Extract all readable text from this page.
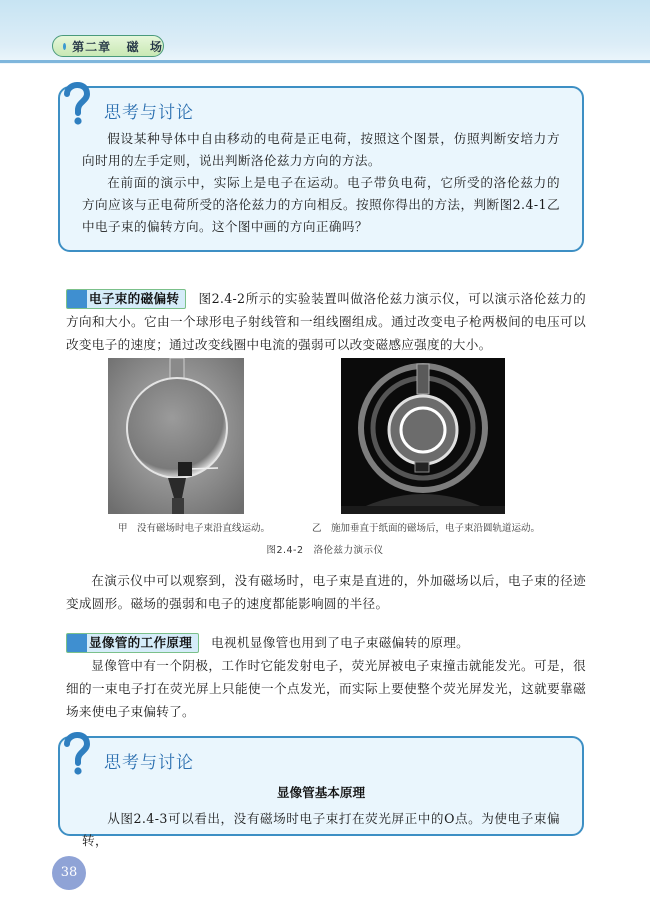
第二章   磁  场
思考与讨论

假设某种导体中自由移动的电荷是正电荷，按照这个图景，仿照判断安培力方向时用的左手定则，说出判断洛伦兹力方向的方法。

在前面的演示中，实际上是电子在运动。电子带负电荷，它所受的洛伦兹力的方向应该与正电荷所受的洛伦兹力的方向相反。按照你得出的方法，判断图2.4-1乙中电子束的偏转方向。这个图中画的方向正确吗？

电子束的磁偏转 图2.4-2所示的实验装置叫做洛伦兹力演示仪，可以演示洛伦兹力的方向和大小。它由一个球形电子射线管和一组线圈组成。通过改变电子枪两极间的电压可以改变电子的速度；通过改变线圈中电流的强弱可以改变磁感应强度的大小。

甲　没有磁场时电子束沿直线运动。	乙　施加垂直于纸面的磁场后，电子束沿圆轨道运动。
图2.4-2　洛伦兹力演示仪

在演示仪中可以观察到，没有磁场时，电子束是直进的，外加磁场以后，电子束的径迹变成圆形。磁场的强弱和电子的速度都能影响圆的半径。

显像管的工作原理 电视机显像管也用到了电子束磁偏转的原理。

显像管中有一个阴极，工作时它能发射电子，荧光屏被电子束撞击就能发光。可是，很细的一束电子打在荧光屏上只能使一个点发光，而实际上要使整个荧光屏发光，这就要靠磁场来使电子束偏转了。

思考与讨论
显像管基本原理

从图2.4-3可以看出，没有磁场时电子束打在荧光屏正中的O点。为使电子束偏转，

38
